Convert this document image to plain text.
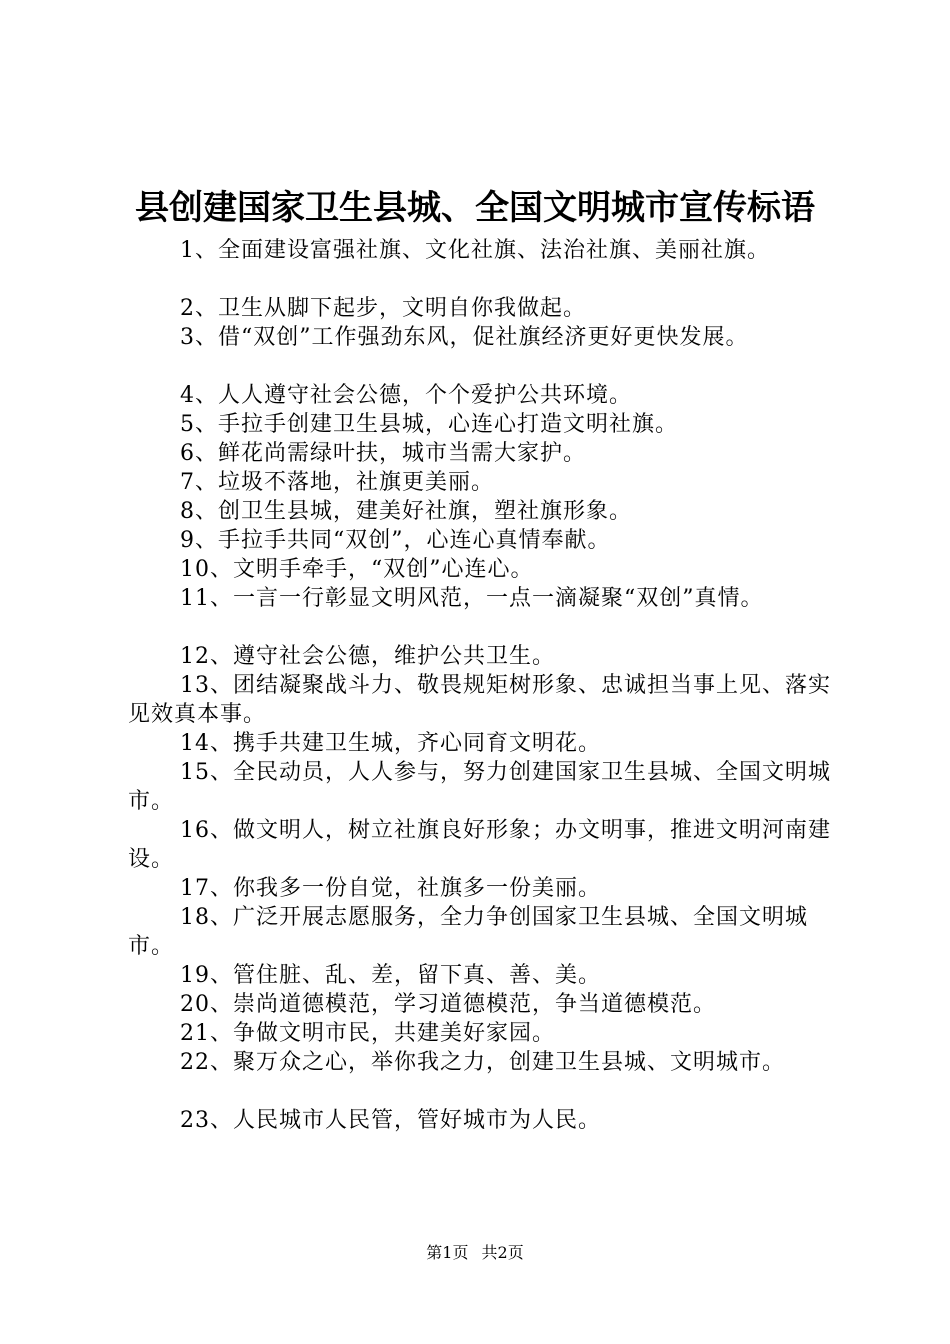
县创建国家卫生县城、全国文明城市宣传标语

1、全面建设富强社旗、文化社旗、法治社旗、美丽社旗。

2、卫生从脚下起步，文明自你我做起。

3、借“双创”工作强劲东风，促社旗经济更好更快发展。

4、人人遵守社会公德，个个爱护公共环境。

5、手拉手创建卫生县城，心连心打造文明社旗。

6、鲜花尚需绿叶扶，城市当需大家护。

7、垃圾不落地，社旗更美丽。

8、创卫生县城，建美好社旗，塑社旗形象。

9、手拉手共同“双创”，心连心真情奉献。

10、文明手牵手，“双创”心连心。

11、一言一行彰显文明风范，一点一滴凝聚“双创”真情。

12、遵守社会公德，维护公共卫生。

13、团结凝聚战斗力、敬畏规矩树形象、忠诚担当事上见、落实见效真本事。

14、携手共建卫生城，齐心同育文明花。

15、全民动员，人人参与，努力创建国家卫生县城、全国文明城市。

16、做文明人，树立社旗良好形象；办文明事，推进文明河南建设。

17、你我多一份自觉，社旗多一份美丽。

18、广泛开展志愿服务，全力争创国家卫生县城、全国文明城市。

19、管住脏、乱、差，留下真、善、美。

20、崇尚道德模范，学习道德模范，争当道德模范。

21、争做文明市民，共建美好家园。

22、聚万众之心，举你我之力，创建卫生县城、文明城市。

23、人民城市人民管，管好城市为人民。

第1页 共2页
